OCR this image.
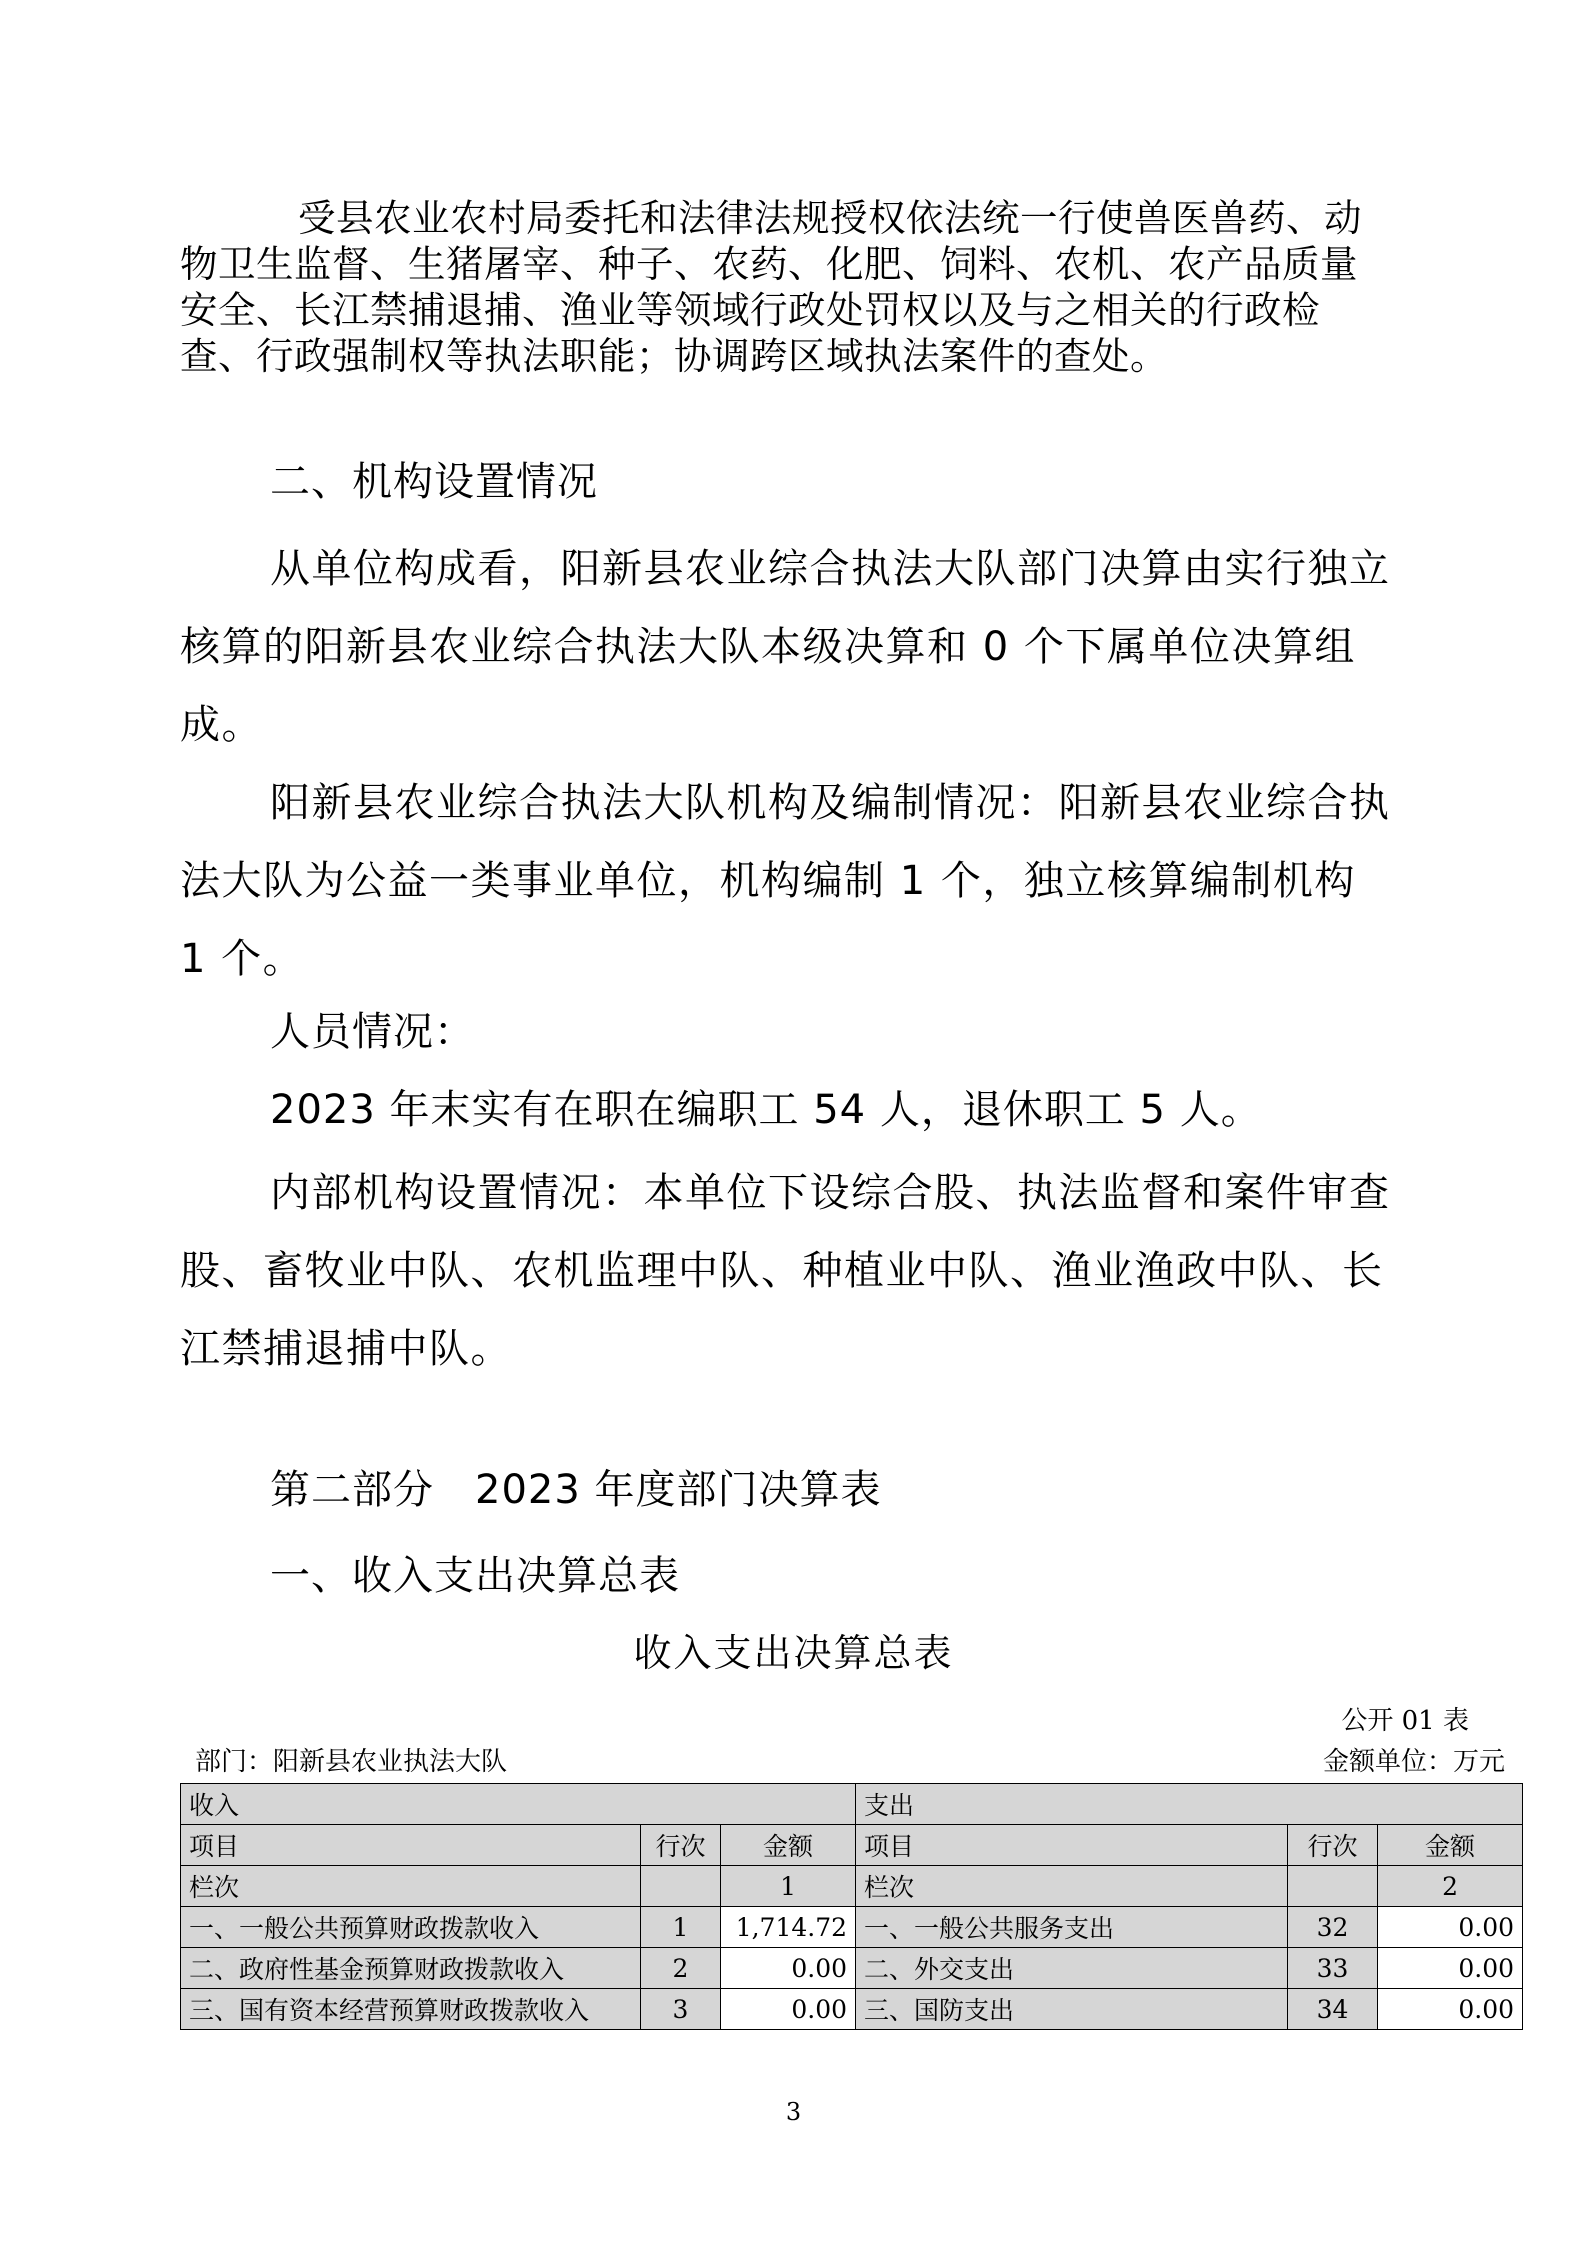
受县农业农村局委托和法律法规授权依法统一行使兽医兽药、动物卫生监督、生猪屠宰、种子、农药、化肥、饲料、农机、农产品质量安全、长江禁捕退捕、渔业等领域行政处罚权以及与之相关的行政检查、行政强制权等执法职能；协调跨区域执法案件的查处。
二、机构设置情况
从单位构成看，阳新县农业综合执法大队部门决算由实行独立核算的阳新县农业综合执法大队本级决算和 0 个下属单位决算组成。
阳新县农业综合执法大队机构及编制情况：阳新县农业综合执法大队为公益一类事业单位，机构编制 1 个，独立核算编制机构 1 个。
人员情况：
2023 年末实有在职在编职工 54 人，退休职工 5 人。
内部机构设置情况：本单位下设综合股、执法监督和案件审查股、畜牧业中队、农机监理中队、种植业中队、渔业渔政中队、长江禁捕退捕中队。
第二部分　2023 年度部门决算表
一、收入支出决算总表
收入支出决算总表
公开 01 表
部门：阳新县农业执法大队	金额单位：万元
收入			支出		
项目	行次	金额	项目	行次	金额
栏次		1	栏次		2
一、一般公共预算财政拨款收入	1	1,714.72	一、一般公共服务支出	32	0.00
二、政府性基金预算财政拨款收入	2	0.00	二、外交支出	33	0.00
三、国有资本经营预算财政拨款收入	3	0.00	三、国防支出	34	0.00
3
